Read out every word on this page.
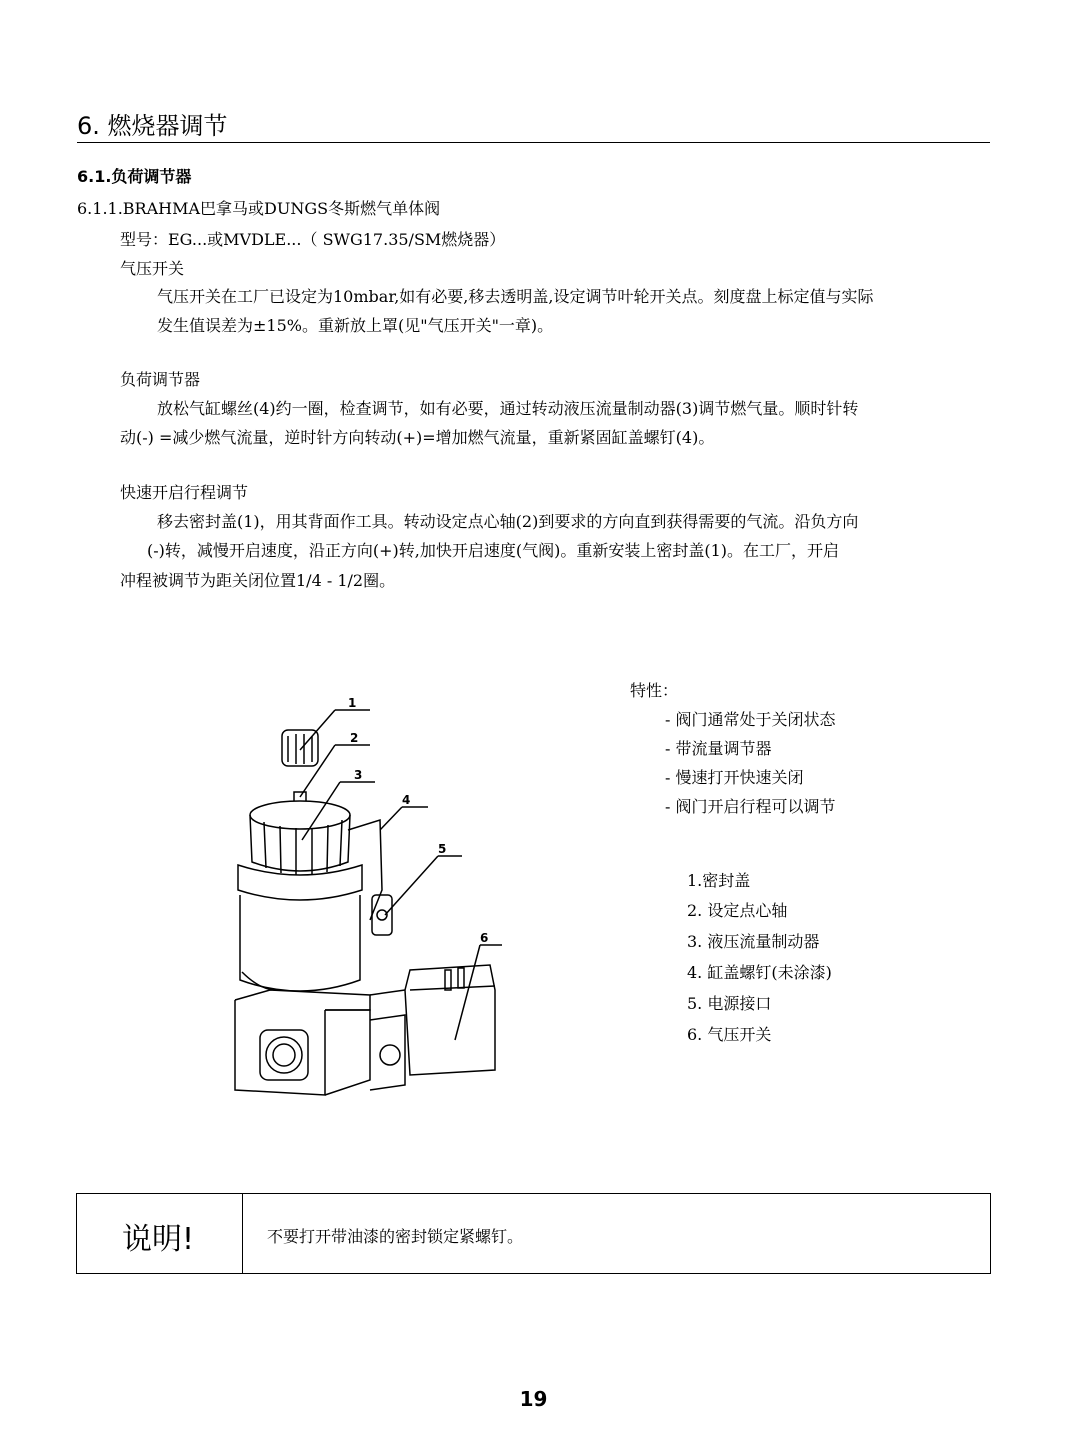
6. 燃烧器调节
6.1.负荷调节器
6.1.1.BRAHMA巴拿马或DUNGS冬斯燃气单体阀
型号：EG...或MVDLE...（ SWG17.35/SM燃烧器）
气压开关
气压开关在工厂已设定为10mbar,如有必要,移去透明盖,设定调节叶轮开关点。刻度盘上标定值与实际
发生值误差为±15%。重新放上罩(见"气压开关"一章)。
负荷调节器
放松气缸螺丝(4)约一圈，检查调节，如有必要，通过转动液压流量制动器(3)调节燃气量。顺时针转
动(-) =减少燃气流量，逆时针方向转动(+)=增加燃气流量，重新紧固缸盖螺钉(4)。
快速开启行程调节
移去密封盖(1)，用其背面作工具。转动设定点心轴(2)到要求的方向直到获得需要的气流。沿负方向
(-)转，减慢开启速度，沿正方向(+)转,加快开启速度(气阀)。重新安装上密封盖(1)。在工厂，开启
冲程被调节为距关闭位置1/4 - 1/2圈。
1
2
3
4
5
6
特性：
- 阀门通常处于关闭状态
- 带流量调节器
- 慢速打开快速关闭
- 阀门开启行程可以调节
1.密封盖
2. 设定点心轴
3. 液压流量制动器
4. 缸盖螺钉(未涂漆)
5. 电源接口
6. 气压开关
说明!	不要打开带油漆的密封锁定紧螺钉。
19
